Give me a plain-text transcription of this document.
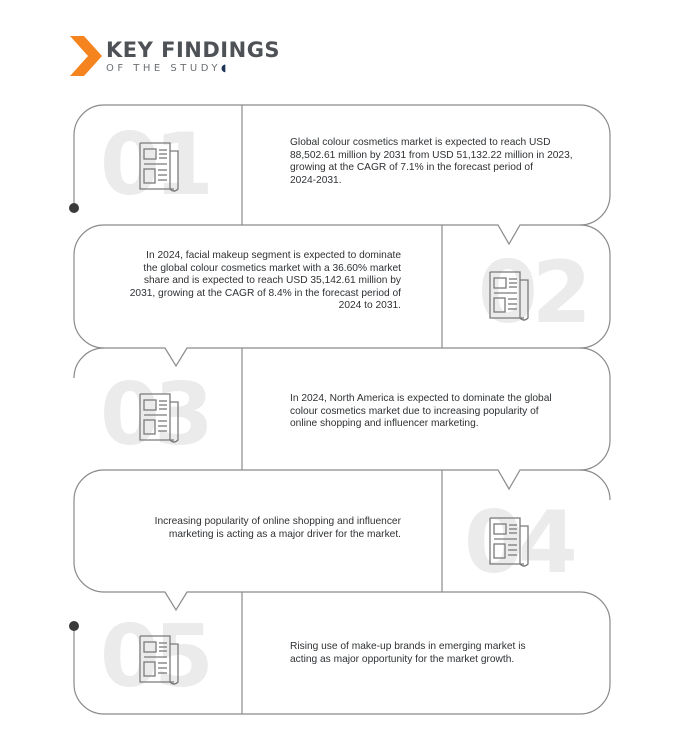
KEY FINDINGS
OF THE STUDY◖
01	Global colour cosmetics market is expected to reach USD
88,502.61 million by 2031 from USD 51,132.22 million in 2023,
growing at the CAGR of 7.1% in the forecast period of
2024-2031.
02
In 2024, facial makeup segment is expected to dominate
the global colour cosmetics market with a 36.60% market
share and is expected to reach USD 35,142.61 million by
2031, growing at the CAGR of 8.4% in the forecast period of
2024 to 2031.
03	In 2024, North America is expected to dominate the global
colour cosmetics market due to increasing popularity of
online shopping and influencer marketing.
04
Increasing popularity of online shopping and influencer
marketing is acting as a major driver for the market.
05	Rising use of make-up brands in emerging market is
acting as major opportunity for the market growth.
